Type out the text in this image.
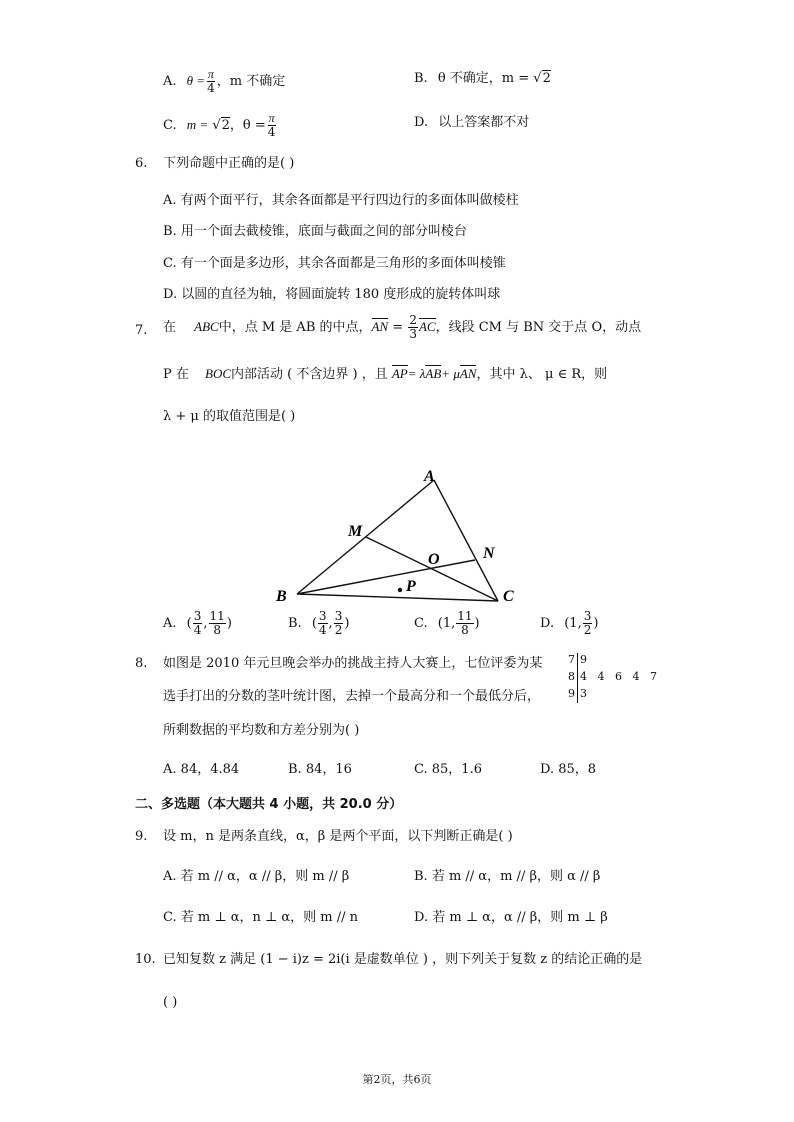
A. $\theta = \frac{\pi}{4}$ ，m 不确定	B. θ 不确定，m = √2
C. m = √2，$\theta = \frac{\pi}{4}$	D. 以上答案都不对
6. 下列命题中正确的是( )
A. 有两个面平行，其余各面都是平行四边行的多面体叫做棱柱
B. 用一个面去截棱锥，底面与截面之间的部分叫棱台
C. 有一个面是多边形，其余各面都是三角形的多面体叫棱锥
D. 以圆的直径为轴，将圆面旋转 180 度形成的旋转体叫球
7. 在 ABC中，点 M 是 AB 的中点，AN = $\frac{2}{3}$ AC，线段 CM 与 BN 交于点 O，动点
P 在 BOC内部活动 ( 不含边界 ) ，且 AP= λAB+ μAN，其中 λ、 μ ∈ R，则
λ + μ 的取值范围是( )
A
M
O	N
P
B	C
A. ( $\frac{3}{4}$ , $\frac{11}{8}$ )	B. ( $\frac{3}{4}$ , $\frac{3}{2}$ )	C. (1, $\frac{11}{8}$ )	D. (1, $\frac{3}{2}$ )
8. 如图是 2010 年元旦晚会举办的挑战主持人大赛上，七位评委为某
选手打出的分数的茎叶统计图，去掉一个最高分和一个最低分后，
所剩数据的平均数和方差分别为( )
7 9
8 4   4   6   4   7
9 3
A. 84，4.84	B. 84，16	C. 85，1.6	D. 85，8
二、多选题（本大题共 4 小题，共 20.0 分）
9. 设 m，n 是两条直线，α，β 是两个平面，以下判断正确是( )
A. 若 m // α，α // β，则 m // β	B. 若 m // α，m // β，则 α // β
C. 若 m ⊥ α，n ⊥ α，则 m // n	D. 若 m ⊥ α，α // β，则 m ⊥ β
10. 已知复数 z 满足 (1 − i)z = 2i(i 是虚数单位 ) ，则下列关于复数 z 的结论正确的是
( )
第2页，共6页
